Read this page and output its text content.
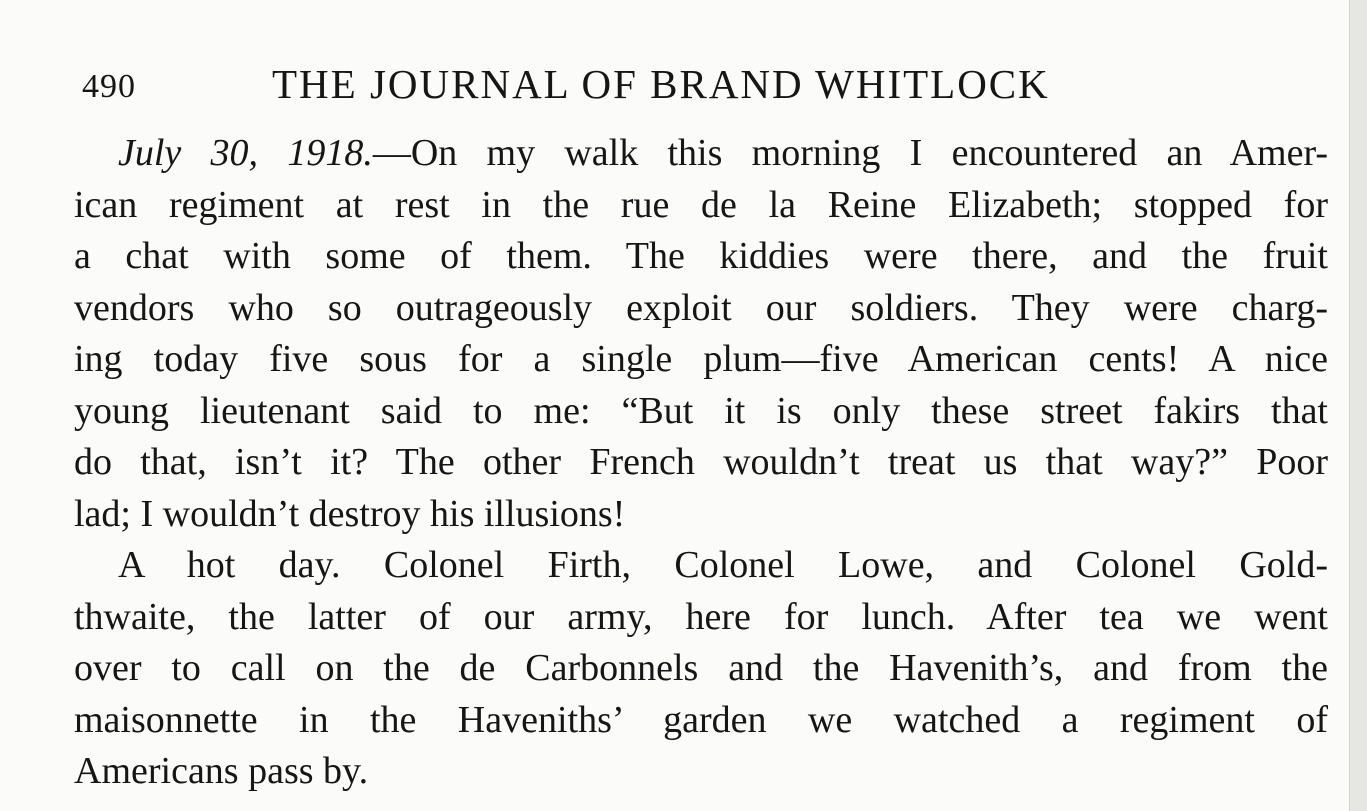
490	THE JOURNAL OF BRAND WHITLOCK
July 30, 1918.—On my walk this morning I encountered an Amer-
ican regiment at rest in the rue de la Reine Elizabeth; stopped for
a chat with some of them. The kiddies were there, and the fruit
vendors who so outrageously exploit our soldiers. They were charg-
ing today five sous for a single plum—five American cents! A nice
young lieutenant said to me: “But it is only these street fakirs that
do that, isn’t it? The other French wouldn’t treat us that way?” Poor
lad; I wouldn’t destroy his illusions!
A hot day. Colonel Firth, Colonel Lowe, and Colonel Gold-
thwaite, the latter of our army, here for lunch. After tea we went
over to call on the de Carbonnels and the Havenith’s, and from the
maisonnette in the Haveniths’ garden we watched a regiment of
Americans pass by.
